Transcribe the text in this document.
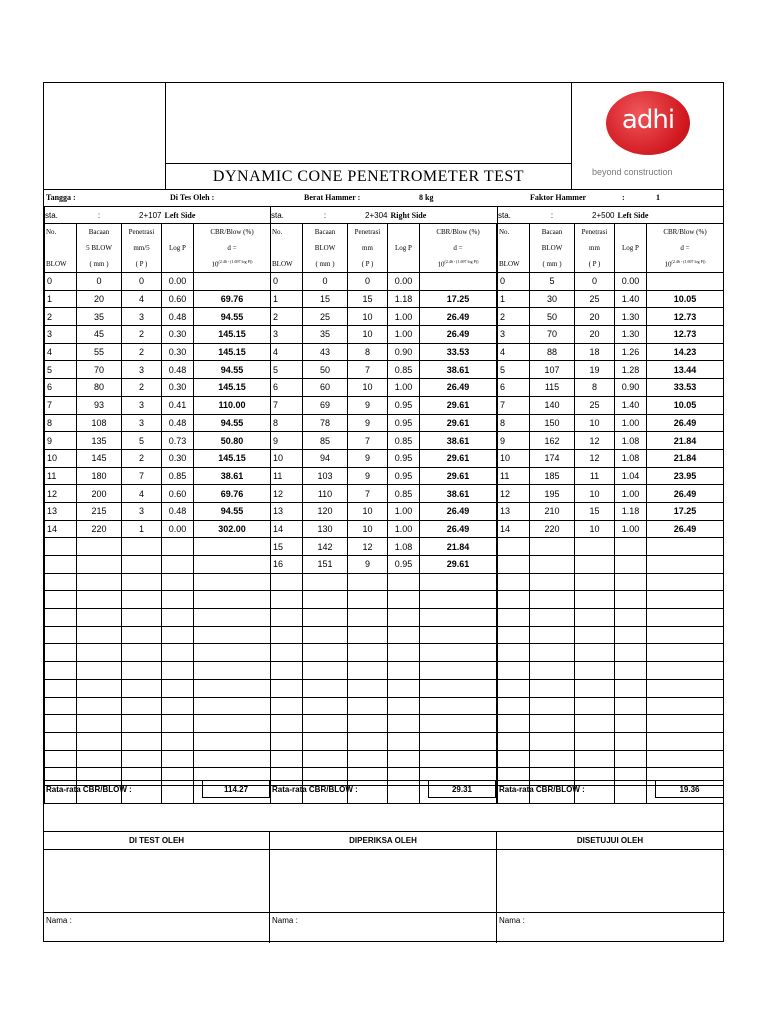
DYNAMIC CONE PENETROMETER TEST
adhi
beyond construction
Tangga :	Di Tes Oleh :	Berat Hammer :	8 kg	Faktor Hammer	:	1
sta.	:	2+107	Left Side	
No.	Bacaan	Penetrasi	Log P	CBR/Blow (%)
	5 BLOW	mm/5		d =
BLOW	( mm )	( P )		$10^{(2.46 - (1.697 log P))}$
0	0	0	0.00	
1	20	4	0.60	69.76
2	35	3	0.48	94.55
3	45	2	0.30	145.15
4	55	2	0.30	145.15
5	70	3	0.48	94.55
6	80	2	0.30	145.15
7	93	3	0.41	110.00
8	108	3	0.48	94.55
9	135	5	0.73	50.80
10	145	2	0.30	145.15
11	180	7	0.85	38.61
12	200	4	0.60	69.76
13	215	3	0.48	94.55
14	220	1	0.00	302.00

sta.	:	2+304	Right Side	
No.	Bacaan	Penetrasi	Log P	CBR/Blow (%)
	BLOW	mm		d =
BLOW	( mm )	( P )		$10^{(2.46 - (1.697 log P))}$
0	0	0	0.00	
1	15	15	1.18	17.25
2	25	10	1.00	26.49
3	35	10	1.00	26.49
4	43	8	0.90	33.53
5	50	7	0.85	38.61
6	60	10	1.00	26.49
7	69	9	0.95	29.61
8	78	9	0.95	29.61
9	85	7	0.85	38.61
10	94	9	0.95	29.61
11	103	9	0.95	29.61
12	110	7	0.85	38.61
13	120	10	1.00	26.49
14	130	10	1.00	26.49
15	142	12	1.08	21.84
16	151	9	0.95	29.61

sta.	:	2+500	Left Side	
No.	Bacaan	Penetrasi	Log P	CBR/Blow (%)
	BLOW	mm		d =
BLOW	( mm )	( P )		$10^{(2.46 - (1.697 log P))}$
0	5	0	0.00	
1	30	25	1.40	10.05
2	50	20	1.30	12.73
3	70	20	1.30	12.73
4	88	18	1.26	14.23
5	107	19	1.28	13.44
6	115	8	0.90	33.53
7	140	25	1.40	10.05
8	150	10	1.00	26.49
9	162	12	1.08	21.84
10	174	12	1.08	21.84
11	185	11	1.04	23.95
12	195	10	1.00	26.49
13	210	15	1.18	17.25
14	220	10	1.00	26.49

Rata-rata CBR/BLOW :	114.27	Rata-rata CBR/BLOW :	29.31	Rata-rata CBR/BLOW :	19.36
DI TEST OLEH
Nama :
DIPERIKSA OLEH
Nama :
DISETUJUI OLEH
Nama :
